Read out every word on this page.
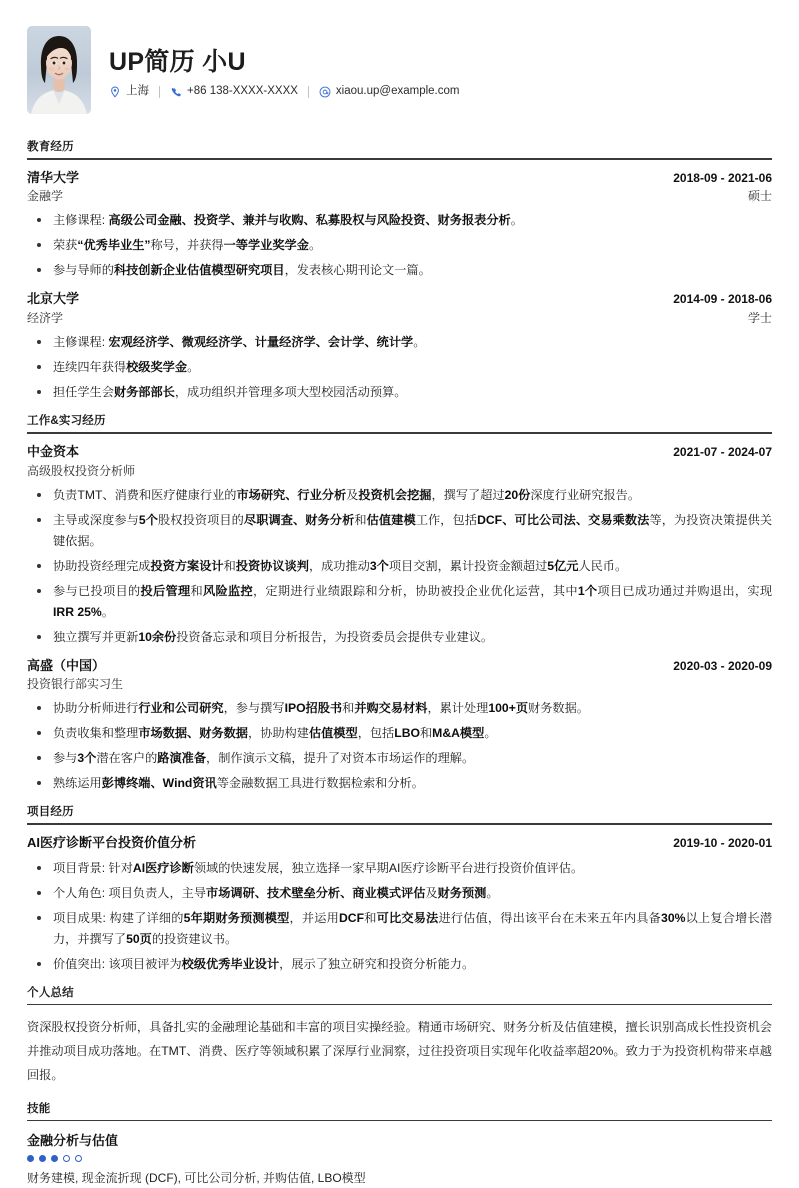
UP简历 小U
上海	+86 138-XXXX-XXXX	xiaou.up@example.com
教育经历
清华大学	2018-09 - 2021-06
金融学	硕士
主修课程: 高级公司金融、投资学、兼并与收购、私募股权与风险投资、财务报表分析。
荣获“优秀毕业生”称号，并获得一等学业奖学金。
参与导师的科技创新企业估值模型研究项目，发表核心期刊论文一篇。
北京大学	2014-09 - 2018-06
经济学	学士
主修课程: 宏观经济学、微观经济学、计量经济学、会计学、统计学。
连续四年获得校级奖学金。
担任学生会财务部部长，成功组织并管理多项大型校园活动预算。
工作&实习经历
中金资本	2021-07 - 2024-07
高级股权投资分析师
负责TMT、消费和医疗健康行业的市场研究、行业分析及投资机会挖掘，撰写了超过20份深度行业研究报告。
主导或深度参与5个股权投资项目的尽职调查、财务分析和估值建模工作，包括DCF、可比公司法、交易乘数法等，为投资决策提供关键依据。
协助投资经理完成投资方案设计和投资协议谈判，成功推动3个项目交割，累计投资金额超过5亿元人民币。
参与已投项目的投后管理和风险监控，定期进行业绩跟踪和分析，协助被投企业优化运营，其中1个项目已成功通过并购退出，实现IRR 25%。
独立撰写并更新10余份投资备忘录和项目分析报告，为投资委员会提供专业建议。
高盛（中国）	2020-03 - 2020-09
投资银行部实习生
协助分析师进行行业和公司研究，参与撰写IPO招股书和并购交易材料，累计处理100+页财务数据。
负责收集和整理市场数据、财务数据，协助构建估值模型，包括LBO和M&A模型。
参与3个潜在客户的路演准备，制作演示文稿，提升了对资本市场运作的理解。
熟练运用彭博终端、Wind资讯等金融数据工具进行数据检索和分析。
项目经历
AI医疗诊断平台投资价值分析	2019-10 - 2020-01
项目背景: 针对AI医疗诊断领域的快速发展，独立选择一家早期AI医疗诊断平台进行投资价值评估。
个人角色: 项目负责人，主导市场调研、技术壁垒分析、商业模式评估及财务预测。
项目成果: 构建了详细的5年期财务预测模型，并运用DCF和可比交易法进行估值，得出该平台在未来五年内具备30%以上复合增长潜力，并撰写了50页的投资建议书。
价值突出: 该项目被评为校级优秀毕业设计，展示了独立研究和投资分析能力。
个人总结
资深股权投资分析师，具备扎实的金融理论基础和丰富的项目实操经验。精通市场研究、财务分析及估值建模，擅长识别高成长性投资机会并推动项目成功落地。在TMT、消费、医疗等领域积累了深厚行业洞察，过往投资项目实现年化收益率超20%。致力于为投资机构带来卓越回报。
技能
金融分析与估值
财务建模, 现金流折现 (DCF), 可比公司分析, 并购估值, LBO模型
